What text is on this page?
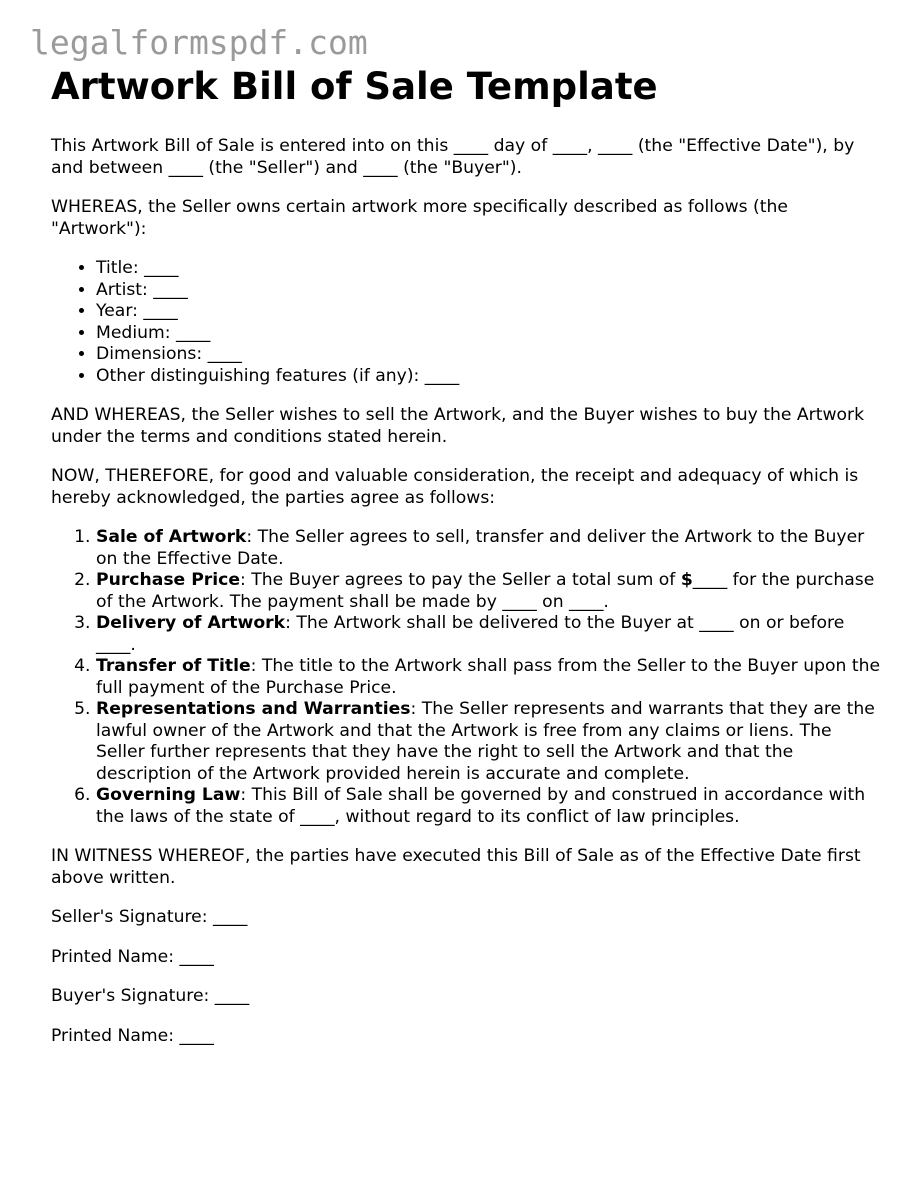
legalformspdf.com
Artwork Bill of Sale Template

This Artwork Bill of Sale is entered into on this ____ day of ____, ____ (the "Effective Date"), by and between ____ (the "Seller") and ____ (the "Buyer").

WHEREAS, the Seller owns certain artwork more specifically described as follows (the "Artwork"):

• Title: ____
• Artist: ____
• Year: ____
• Medium: ____
• Dimensions: ____
• Other distinguishing features (if any): ____

AND WHEREAS, the Seller wishes to sell the Artwork, and the Buyer wishes to buy the Artwork under the terms and conditions stated herein.

NOW, THEREFORE, for good and valuable consideration, the receipt and adequacy of which is hereby acknowledged, the parties agree as follows:

1. Sale of Artwork: The Seller agrees to sell, transfer and deliver the Artwork to the Buyer on the Effective Date.
2. Purchase Price: The Buyer agrees to pay the Seller a total sum of $____ for the purchase of the Artwork. The payment shall be made by ____ on ____.
3. Delivery of Artwork: The Artwork shall be delivered to the Buyer at ____ on or before ____.
4. Transfer of Title: The title to the Artwork shall pass from the Seller to the Buyer upon the full payment of the Purchase Price.
5. Representations and Warranties: The Seller represents and warrants that they are the lawful owner of the Artwork and that the Artwork is free from any claims or liens. The Seller further represents that they have the right to sell the Artwork and that the description of the Artwork provided herein is accurate and complete.
6. Governing Law: This Bill of Sale shall be governed by and construed in accordance with the laws of the state of ____, without regard to its conflict of law principles.

IN WITNESS WHEREOF, the parties have executed this Bill of Sale as of the Effective Date first above written.

Seller's Signature: ____

Printed Name: ____

Buyer's Signature: ____

Printed Name: ____
